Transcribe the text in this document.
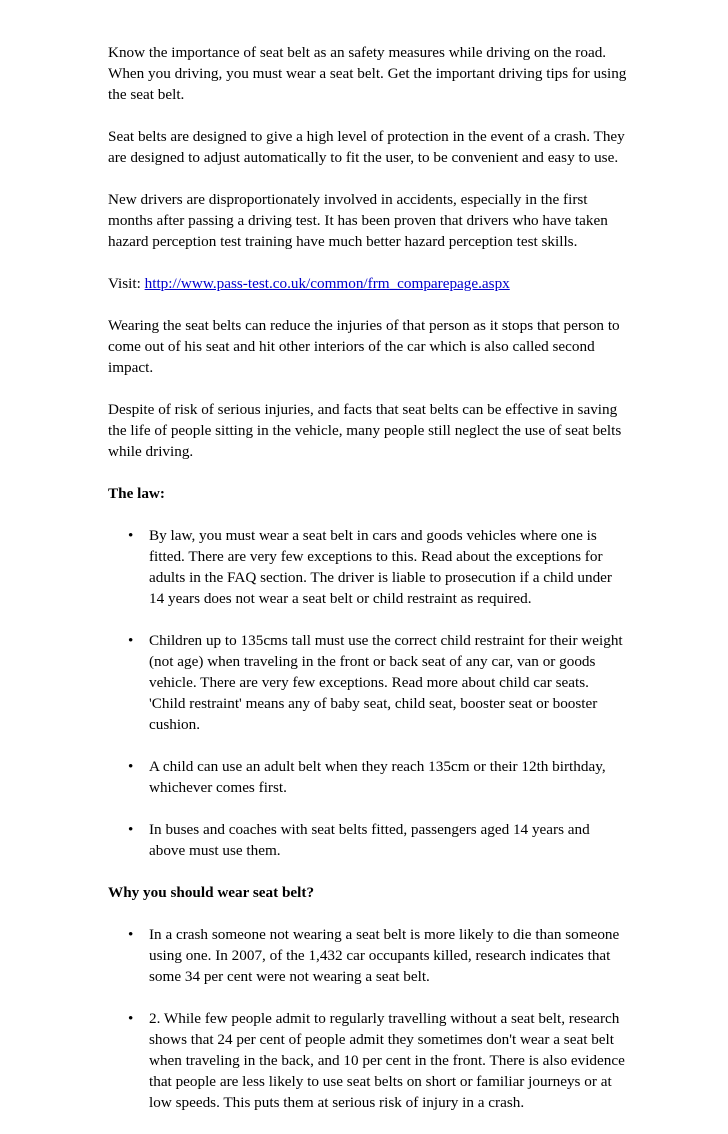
Know the importance of seat belt as an safety measures while driving on the road. When you driving, you must wear a seat belt. Get the important driving tips for using the seat belt.

Seat belts are designed to give a high level of protection in the event of a crash. They are designed to adjust automatically to fit the user, to be convenient and easy to use.

New drivers are disproportionately involved in accidents, especially in the first months after passing a driving test. It has been proven that drivers who have taken hazard perception test training have much better hazard perception test skills.

Visit: http://www.pass-test.co.uk/common/frm_comparepage.aspx

Wearing the seat belts can reduce the injuries of that person as it stops that person to come out of his seat and hit other interiors of the car which is also called second impact.

Despite of risk of serious injuries, and facts that seat belts can be effective in saving the life of people sitting in the vehicle, many people still neglect the use of seat belts while driving.

The law:
• By law, you must wear a seat belt in cars and goods vehicles where one is fitted. There are very few exceptions to this. Read about the exceptions for adults in the FAQ section. The driver is liable to prosecution if a child under 14 years does not wear a seat belt or child restraint as required.
• Children up to 135cms tall must use the correct child restraint for their weight (not age) when traveling in the front or back seat of any car, van or goods vehicle. There are very few exceptions. Read more about child car seats. 'Child restraint' means any of baby seat, child seat, booster seat or booster cushion.
• A child can use an adult belt when they reach 135cm or their 12th birthday, whichever comes first.
• In buses and coaches with seat belts fitted, passengers aged 14 years and above must use them.
Why you should wear seat belt?
• In a crash someone not wearing a seat belt is more likely to die than someone using one. In 2007, of the 1,432 car occupants killed, research indicates that some 34 per cent were not wearing a seat belt.
• 2. While few people admit to regularly travelling without a seat belt, research shows that 24 per cent of people admit they sometimes don't wear a seat belt when traveling in the back, and 10 per cent in the front. There is also evidence that people are less likely to use seat belts on short or familiar journeys or at low speeds. This puts them at serious risk of injury in a crash.
